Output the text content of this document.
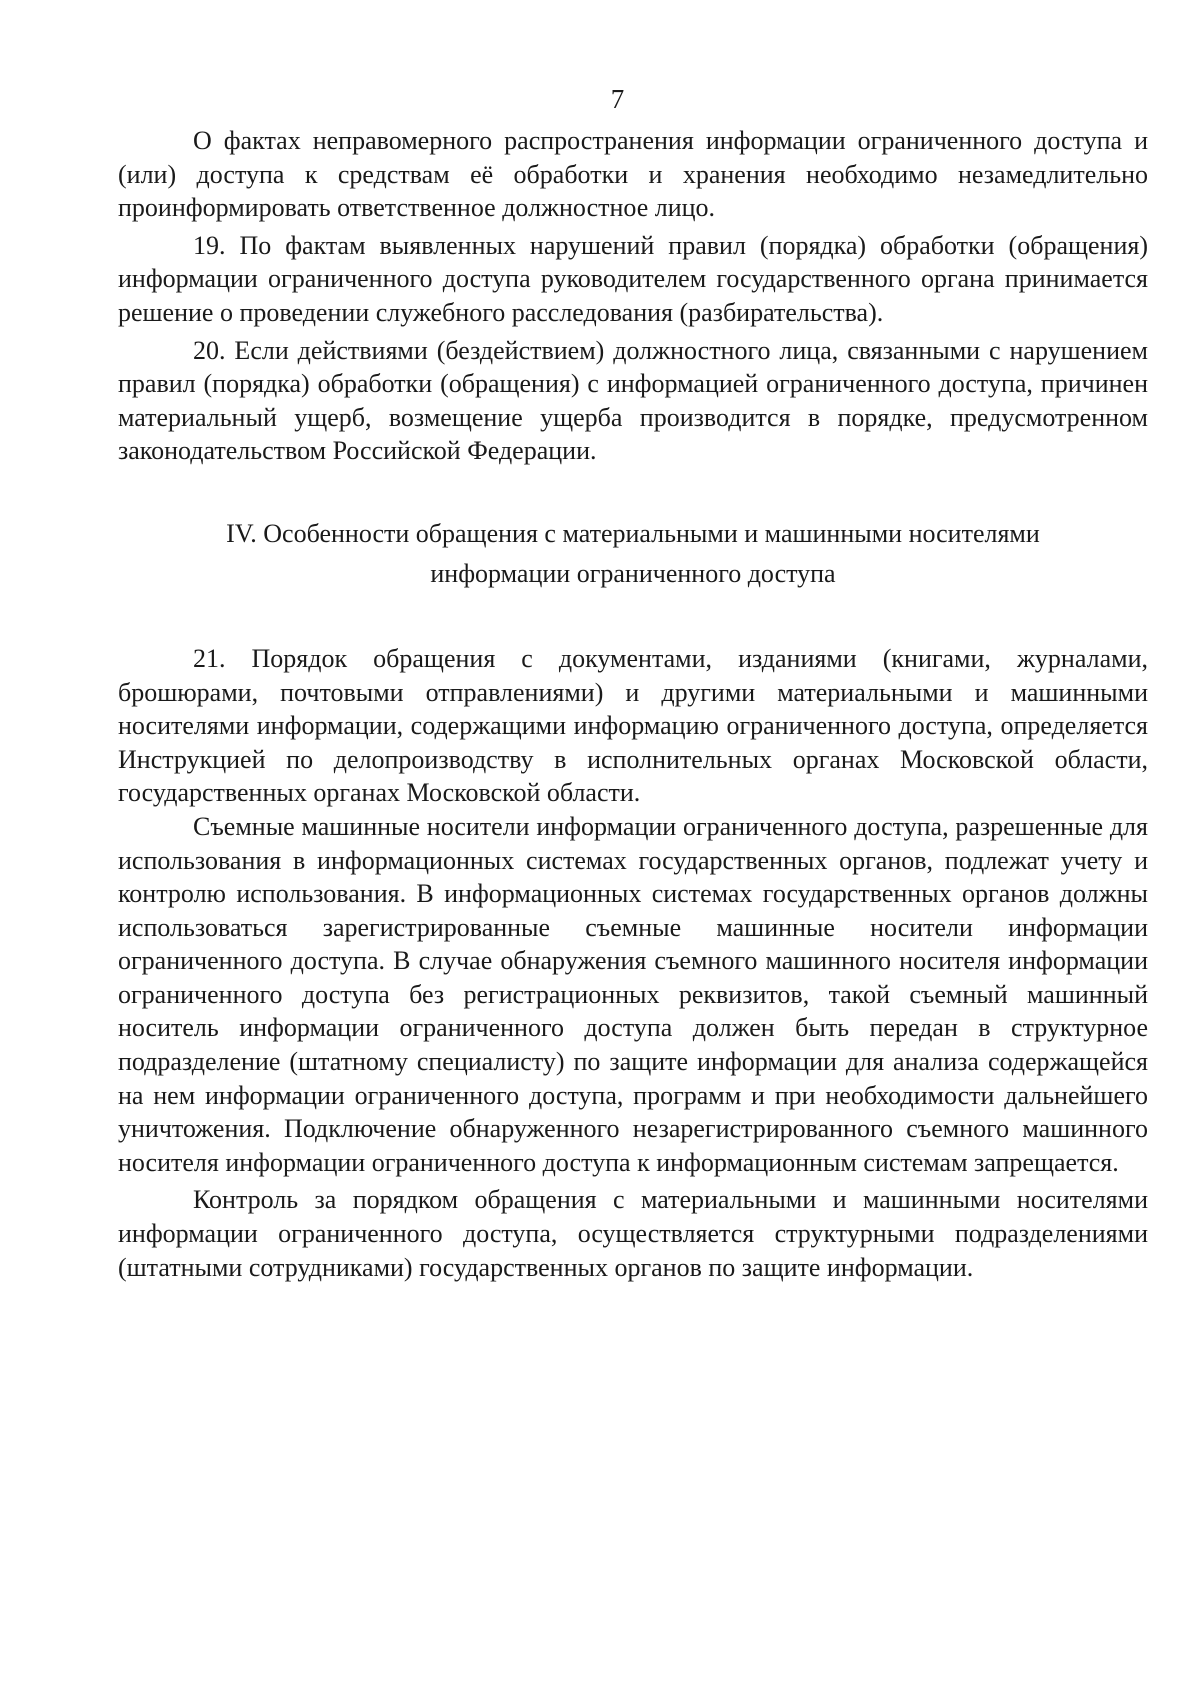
7

О фактах неправомерного распространения информации ограниченного доступа и (или) доступа к средствам её обработки и хранения необходимо незамедлительно проинформировать ответственное должностное лицо.

19. По фактам выявленных нарушений правил (порядка) обработки (обращения) информации ограниченного доступа руководителем государственного органа принимается решение о проведении служебного расследования (разбирательства).

20. Если действиями (бездействием) должностного лица, связанными с нарушением правил (порядка) обработки (обращения) с информацией ограниченного доступа, причинен материальный ущерб, возмещение ущерба производится в порядке, предусмотренном законодательством Российской Федерации.

IV. Особенности обращения с материальными и машинными носителями
информации ограниченного доступа

21. Порядок обращения с документами, изданиями (книгами, журналами, брошюрами, почтовыми отправлениями) и другими материальными и машинными носителями информации, содержащими информацию ограниченного доступа, определяется Инструкцией по делопроизводству в исполнительных органах Московской области, государственных органах Московской области.

Съемные машинные носители информации ограниченного доступа, разрешенные для использования в информационных системах государственных органов, подлежат учету и контролю использования. В информационных системах государственных органов должны использоваться зарегистрированные съемные машинные носители информации ограниченного доступа. В случае обнаружения съемного машинного носителя информации ограниченного доступа без регистрационных реквизитов, такой съемный машинный носитель информации ограниченного доступа должен быть передан в структурное подразделение (штатному специалисту) по защите информации для анализа содержащейся на нем информации ограниченного доступа, программ и при необходимости дальнейшего уничтожения. Подключение обнаруженного незарегистрированного съемного машинного носителя информации ограниченного доступа к информационным системам запрещается.

Контроль за порядком обращения с материальными и машинными носителями информации ограниченного доступа, осуществляется структурными подразделениями (штатными сотрудниками) государственных органов по защите информации.
